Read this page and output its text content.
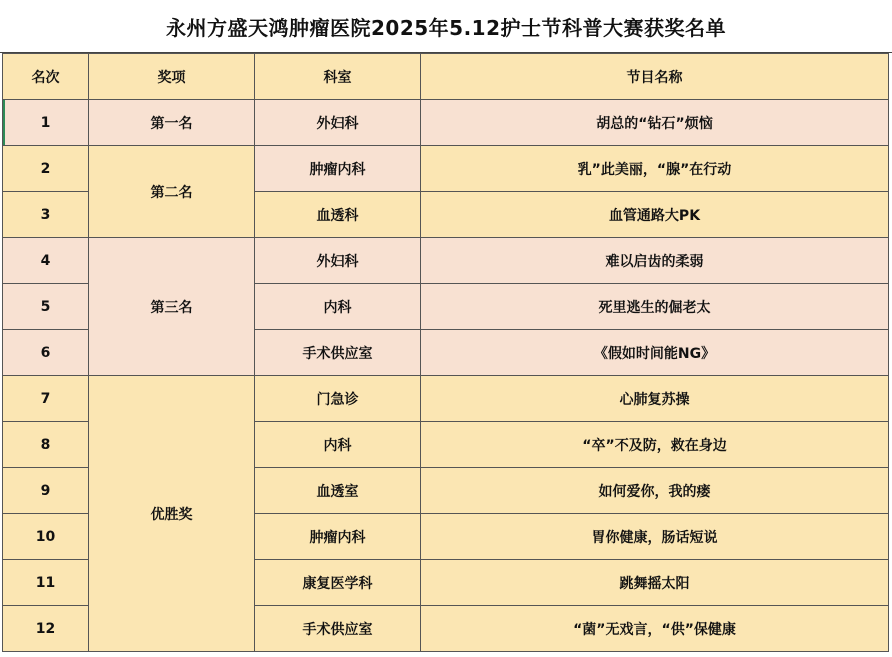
永州方盛天鸿肿瘤医院2025年5.12护士节科普大赛获奖名单
名次	奖项	科室	节目名称
1	第一名	外妇科	胡总的“钻石”烦恼
2	第二名	肿瘤内科	乳”此美丽，“腺”在行动
3		血透科	血管通路大PK
4	第三名	外妇科	难以启齿的柔弱
5		内科	死里逃生的倔老太
6		手术供应室	《假如时间能NG》
7	优胜奖	门急诊	心肺复苏操
8		内科	“卒”不及防，救在身边
9		血透室	如何爱你，我的瘘
10		肿瘤内科	胃你健康，肠话短说
11		康复医学科	跳舞摇太阳
12		手术供应室	“菌”无戏言，“供”保健康
